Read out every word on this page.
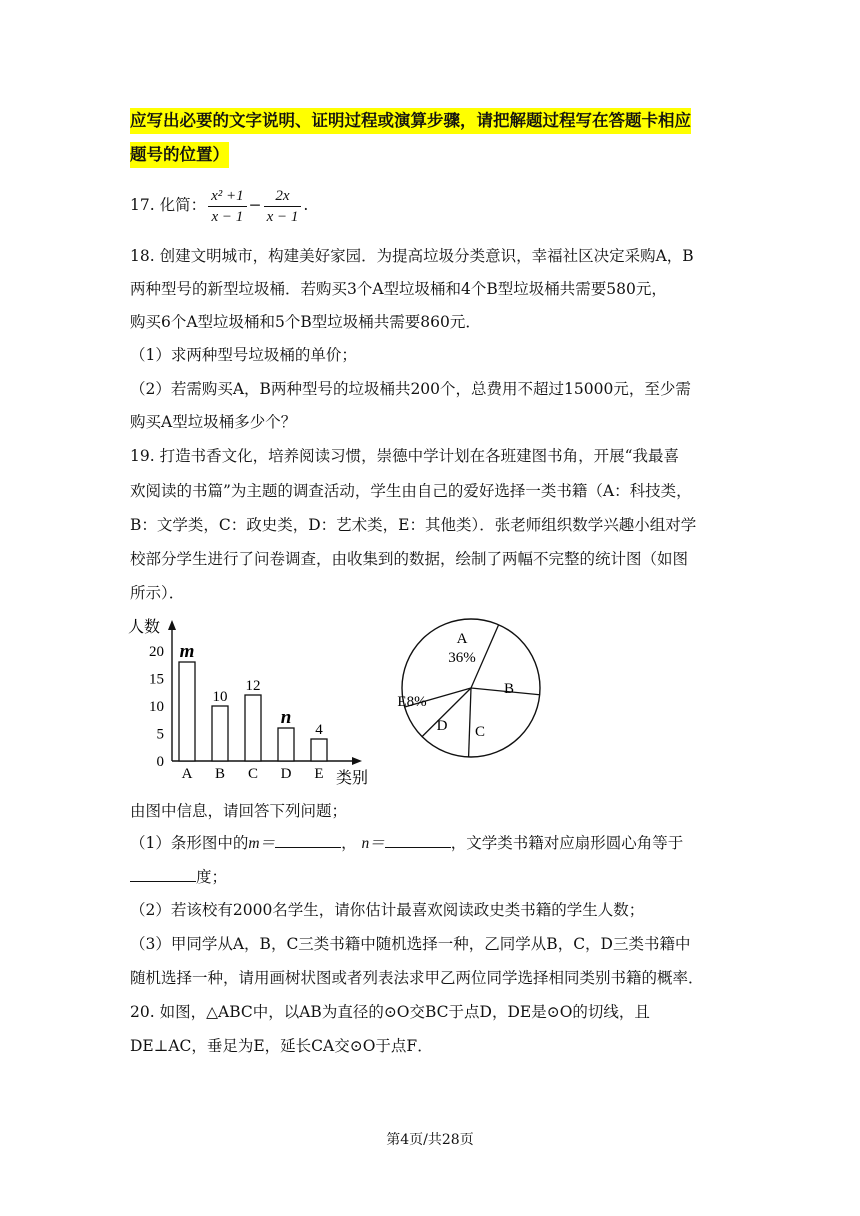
应写出必要的文字说明、证明过程或演算步骤，请把解题过程写在答题卡相应
题号的位置）
17. 化简： $\frac{\text{x² +1}}{x - 1} - \frac{2x}{x - 1}$ .
18. 创建文明城市，构建美好家园．为提高垃圾分类意识，幸福社区决定采购A，B
两种型号的新型垃圾桶．若购买3个A型垃圾桶和4个B型垃圾桶共需要580元，
购买6个A型垃圾桶和5个B型垃圾桶共需要860元．
（1）求两种型号垃圾桶的单价；
（2）若需购买A，B两种型号的垃圾桶共200个，总费用不超过15000元，至少需
购买A型垃圾桶多少个？
19. 打造书香文化，培养阅读习惯，崇德中学计划在各班建图书角，开展“我最喜
欢阅读的书篇”为主题的调查活动，学生由自己的爱好选择一类书籍（A：科技类，
B：文学类，C：政史类，D：艺术类，E：其他类）．张老师组织数学兴趣小组对学
校部分学生进行了问卷调查，由收集到的数据，绘制了两幅不完整的统计图（如图
所示）．
人数
类别
0
5
10
15
20 m
A
10
B
12
C
n
D
4
E
A 36%
B
C
D
E8%
由图中信息，请回答下列问题；
（1）条形图中的m＝	， n＝	，文学类书籍对应扇形圆心角等于
度；
（2）若该校有2000名学生，请你估计最喜欢阅读政史类书籍的学生人数；
（3）甲同学从A，B，C三类书籍中随机选择一种，乙同学从B，C，D三类书籍中
随机选择一种，请用画树状图或者列表法求甲乙两位同学选择相同类别书籍的概率．
20. 如图，△ABC中，以AB为直径的⊙O交BC于点D，DE是⊙O的切线，且
DE⊥AC，垂足为E，延长CA交⊙O于点F．
第4页/共28页
